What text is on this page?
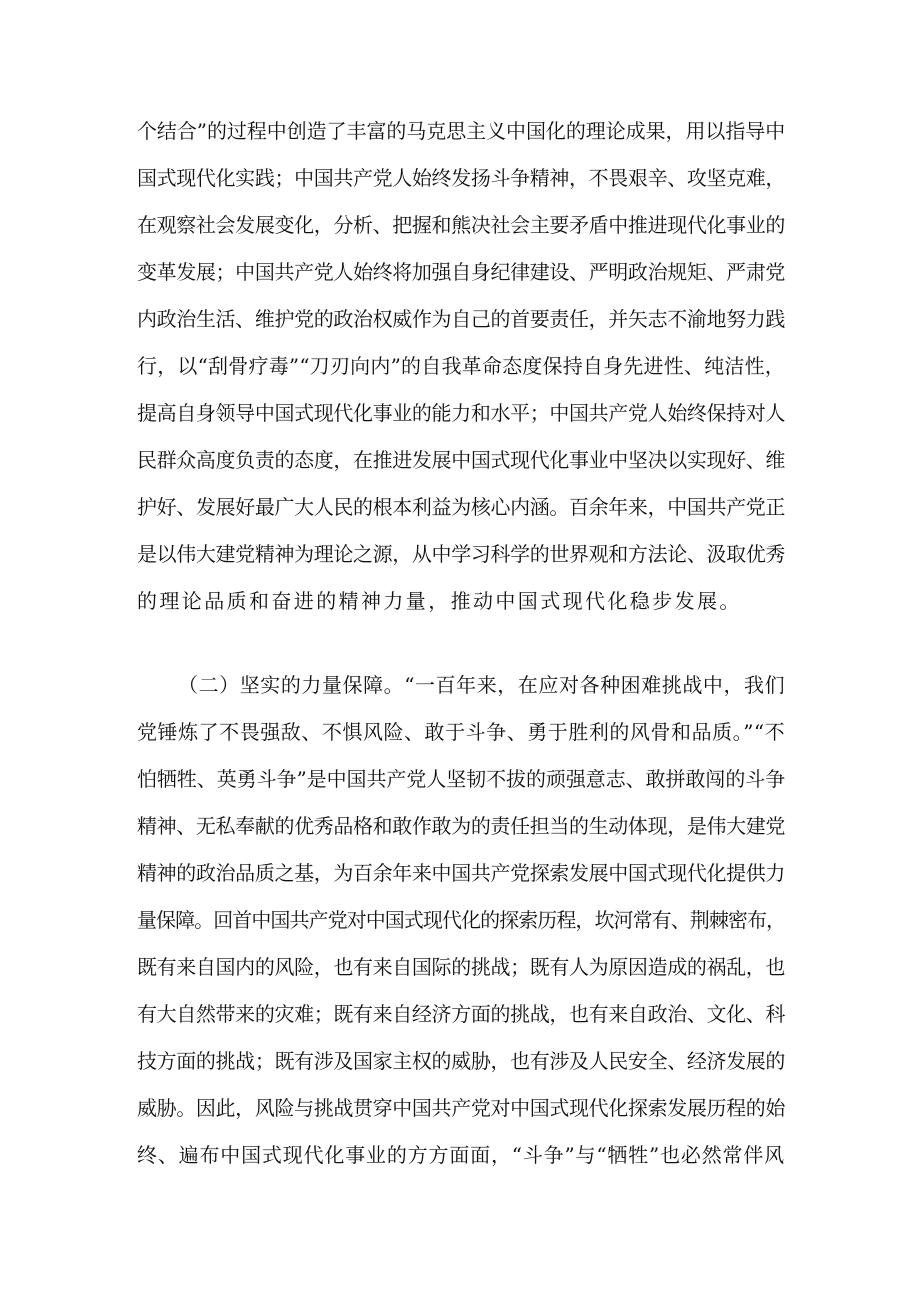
个结合”的过程中创造了丰富的马克思主义中国化的理论成果，用以指导中
国式现代化实践；中国共产党人始终发扬斗争精神，不畏艰辛、攻坚克难，
在观察社会发展变化，分析、把握和熊决社会主要矛盾中推进现代化事业的
变革发展；中国共产党人始终将加强自身纪律建设、严明政治规矩、严肃党
内政治生活、维护党的政治权威作为自己的首要责任，并矢志不渝地努力践
行，以“刮骨疗毒”“刀刃向内”的自我革命态度保持自身先进性、纯洁性，
提高自身领导中国式现代化事业的能力和水平；中国共产党人始终保持对人
民群众高度负责的态度，在推进发展中国式现代化事业中坚决以实现好、维
护好、发展好最广大人民的根本利益为核心内涵。百余年来，中国共产党正
是以伟大建党精神为理论之源，从中学习科学的世界观和方法论、汲取优秀
的理论品质和奋进的精神力量，推动中国式现代化稳步发展。
（二）坚实的力量保障。“一百年来，在应对各种困难挑战中，我们
党锤炼了不畏强敌、不惧风险、敢于斗争、勇于胜利的风骨和品质。”“不
怕牺牲、英勇斗争”是中国共产党人坚韧不拔的顽强意志、敢拼敢闯的斗争
精神、无私奉献的优秀品格和敢作敢为的责任担当的生动体现，是伟大建党
精神的政治品质之基，为百余年来中国共产党探索发展中国式现代化提供力
量保障。回首中国共产党对中国式现代化的探索历程，坎河常有、荆棘密布，
既有来自国内的风险，也有来自国际的挑战；既有人为原因造成的祸乱，也
有大自然带来的灾难；既有来自经济方面的挑战，也有来自政治、文化、科
技方面的挑战；既有涉及国家主权的威胁，也有涉及人民安全、经济发展的
威胁。因此，风险与挑战贯穿中国共产党对中国式现代化探索发展历程的始
终、遍布中国式现代化事业的方方面面，“斗争”与“牺牲”也必然常伴风
